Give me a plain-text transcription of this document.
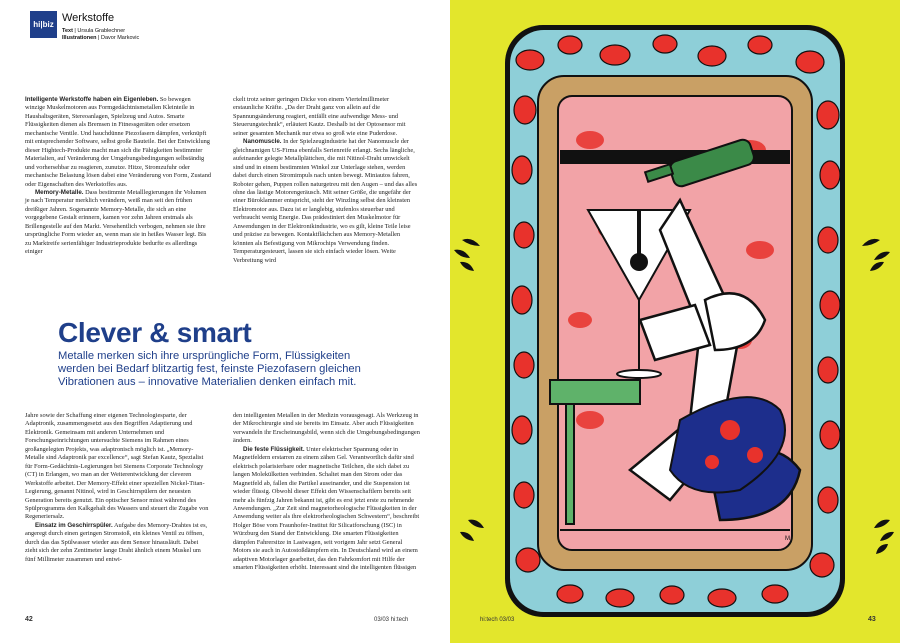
hi|biz
Werkstoffe
Text | Ursula Grablechner
Illustrationen | Davor Markovic

Intelligente Werkstoffe haben ein Eigenleben. So bewegen winzige Muskelmotoren aus Formgedächtnismetallen Kleinteile in Haushaltsgeräten, Stereoanlagen, Spielzeug und Autos. Smarte Flüssigkeiten dienen als Bremsen in Fitnessgeräten oder ersetzen mechanische Ventile. Und hauchdünne Piezofasern dämpfen, verknüpft mit entsprechender Software, selbst große Bauteile. Bei der Entwicklung dieser Hightech-Produkte macht man sich die Fähigkeiten bestimmter Materialien, auf Veränderung der Umgebungsbedingungen selbständig und vorhersehbar zu reagieren, zunutze. Hitze, Stromzufuhr oder mechanische Belastung lösen dabei eine Veränderung von Form, Zustand oder Eigenschaften des Werkstoffes aus.

Memory-Metalle. Dass bestimmte Metalllegierungen ihr Volumen je nach Temperatur merklich verändern, weiß man seit den frühen dreißiger Jahren. Sogenannte Memory-Metalle, die sich an eine vorgegebene Gestalt erinnern, kamen vor zehn Jahren erstmals als Brillengestelle auf den Markt. Versehentlich verbogen, nehmen sie ihre ursprüngliche Form wieder an, wenn man sie in heißes Wasser legt. Bis zu Marktreife serienfähiger Industrieprodukte bedurfte es allerdings einiger

ckelt trotz seiner geringen Dicke von einem Viertelmillimeter erstaunliche Kräfte. „Da der Draht ganz von allein auf die Spannungsänderung reagiert, entfällt eine aufwendige Mess- und Steuerungstechnik“, erläutert Kautz. Deshalb ist der Optosensor mit seiner gesamten Mechanik nur etwa so groß wie eine Puderdose.

Nanomuscle. In der Spielzeugindustrie hat der Nanomuscle der gleichnamigen US-Firma ebenfalls Serienreife erlangt. Sechs längliche, aufeinander gelegte Metallplättchen, die mit Nitinol-Draht umwickelt sind und in einem bestimmten Winkel zur Unterlage stehen, werden dabei durch einen Stromimpuls nach unten bewegt. Miniautos fahren, Roboter gehen, Puppen rollen naturgetreu mit den Augen – und das alles ohne das lästige Motorengeräusch. Mit seiner Größe, die ungefähr der einer Büroklammer entspricht, steht der Winzling selbst den kleinsten Elektromotor aus. Dazu ist er langlebig, stufenlos steuerbar und verbraucht wenig Energie. Das prädestiniert den Muskelmotor für Anwendungen in der Elektronikindustrie, wo es gilt, kleine Teile leise und präzise zu bewegen. Kontaktflächchen aus Memory-Metallen könnten als Befestigung von Mikrochips Verwendung finden. Temperaturgesteuert, lassen sie sich einfach wieder lösen. Weite Verbreitung wird

Clever & smart
Metalle merken sich ihre ursprüngliche Form, Flüssigkeiten werden bei Bedarf blitzartig fest, feinste Piezofasern gleichen Vibrationen aus – innovative Materialien denken einfach mit.

Jahre sowie der Schaffung einer eigenen Technologiesparte, der Adaptronik, zusammengesetzt aus den Begriffen Adaptierung und Elektronik. Gemeinsam mit anderen Unternehmen und Forschungseinrichtungen untersuchte Siemens im Rahmen eines großangelegten Projekts, was adaptronisch möglich ist. „Memory-Metalle sind Adaptronik par excellence“, sagt Stefan Kautz, Spezialist für Form-Gedächtnis-Legierungen bei Siemens Corporate Technology (CT) in Erlangen, wo man an der Weiterentwicklung der cleveren Werkstoffe arbeitet. Der Memory-Effekt einer speziellen Nickel-Titan-Legierung, genannt Nitinol, wird in Geschirrspülern der neuesten Generation bereits genutzt. Ein optischer Sensor misst während des Spülprogramms den Kalkgehalt des Wassers und steuert die Zugabe von Regeneriersalz.

Einsatz im Geschirrspüler. Aufgabe des Memory-Drahtes ist es, angeregt durch einen geringen Stromstoß, ein kleines Ventil zu öffnen, durch das das Spülwasser wieder aus dem Sensor hinausläuft. Dabei zieht sich der zehn Zentimeter lange Draht ähnlich einem Muskel um fünf Millimeter zusammen und entwi-

den intelligenten Metallen in der Medizin vorausgesagt. Als Werkzeug in der Mikrochirurgie sind sie bereits im Einsatz. Aber auch Flüssigkeiten verwandeln ihr Erscheinungsbild, wenn sich die Umgebungsbedingungen ändern.

Die feste Flüssigkeit. Unter elektrischer Spannung oder in Magnetfeldern erstarren zu einem zähen Gel. Verantwortlich dafür sind elektrisch polarisierbare oder magnetische Teilchen, die sich dabei zu langen Molekülketten verbinden. Schaltet man den Strom oder das Magnetfeld ab, fallen die Partikel auseinander, und die Suspension ist wieder flüssig. Obwohl dieser Effekt den Wissenschaftlern bereits seit mehr als fünfzig Jahren bekannt ist, gibt es erst jetzt erste zu nehmende Anwendungen. „Zur Zeit sind magnetorheologische Flüssigkeiten in der Anwendung weiter als ihre elektrorheologischen Schwestern“, beschreibt Holger Böse vom Fraunhofer-Institut für Silicatforschung (ISC) in Würzburg den Stand der Entwicklung. Die smarten Flüssigkeiten dämpfen Fahrersitze in Lastwagen, seit vorigem Jahr setzt General Motors sie auch in Autostoßdämpfern ein. In Deutschland wird an einem adaptiven Motorlager gearbeitet, das den Fahrkomfort mit Hilfe der smarten Flüssigkeiten erhöht. Interessant sind die intelligenten flüssigen

42	03/03 hi:tech
M.
hi:tech 03/03	43
